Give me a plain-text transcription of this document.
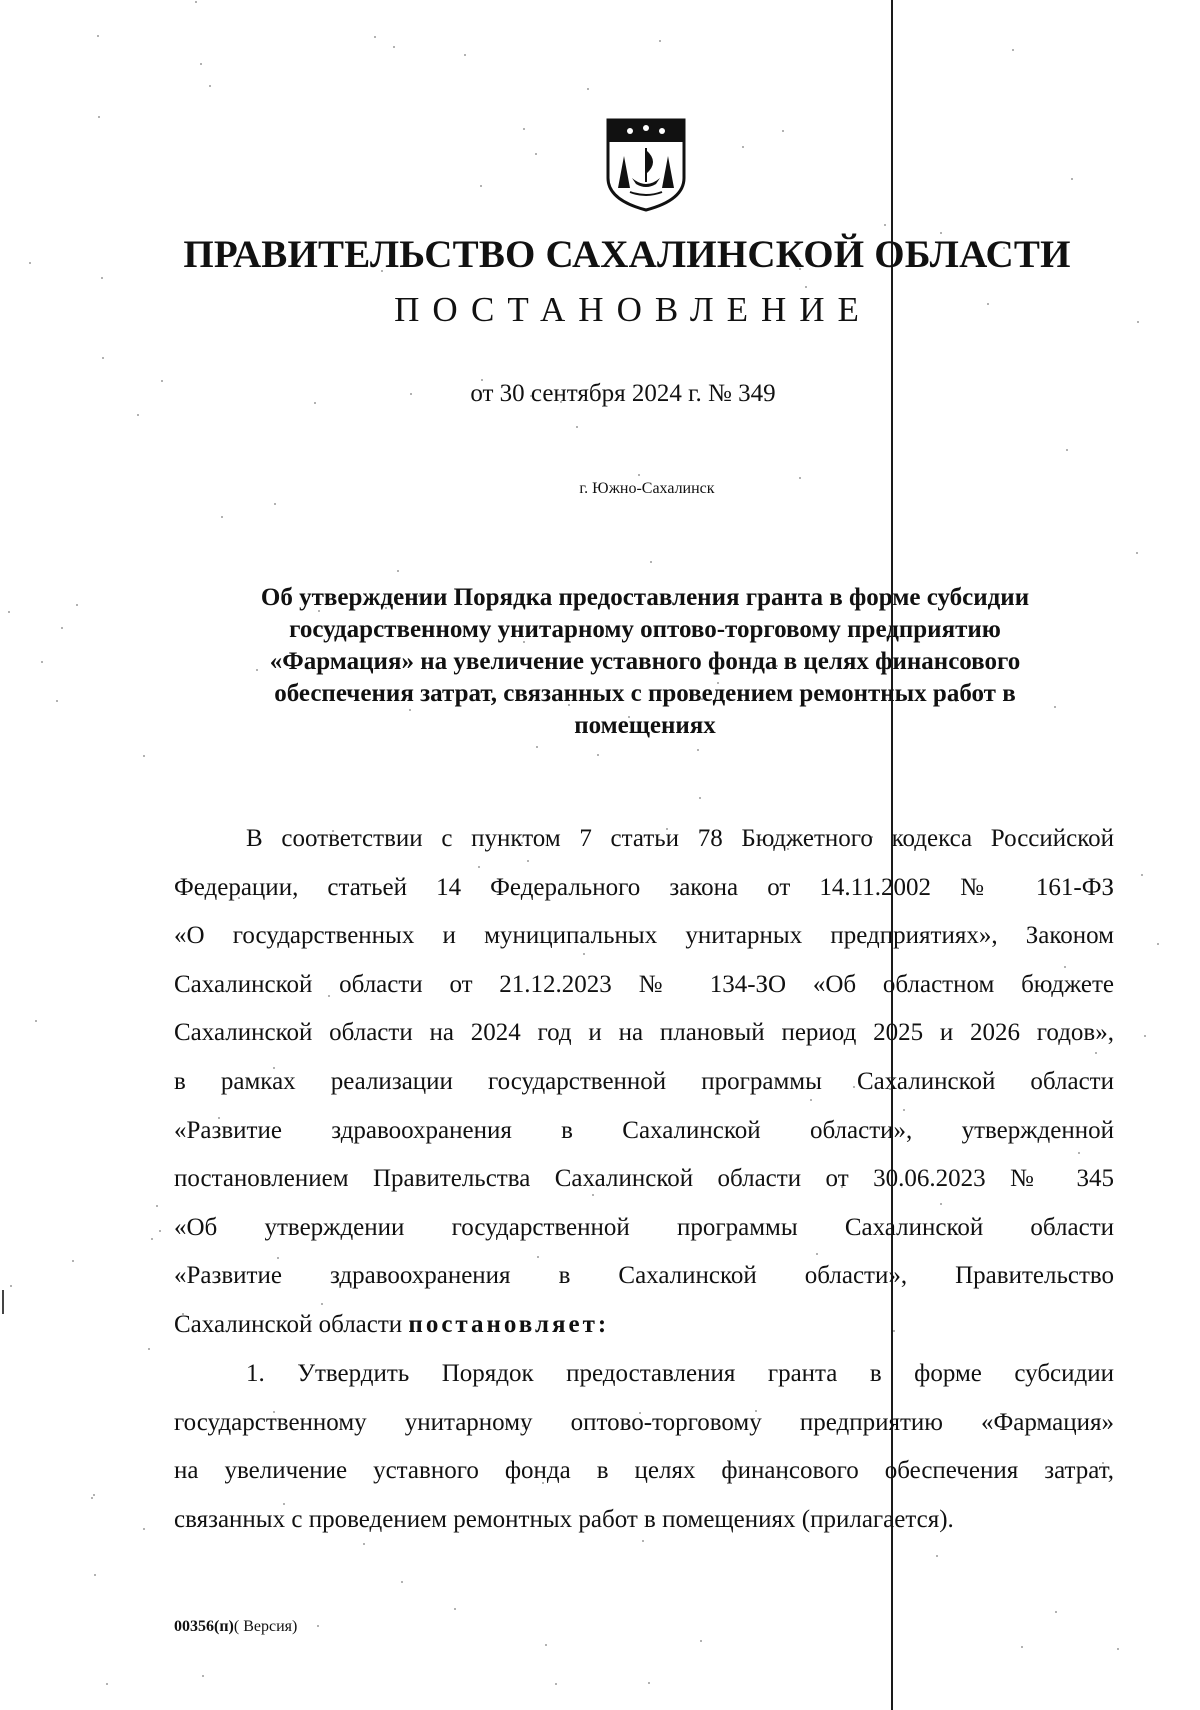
ПРАВИТЕЛЬСТВО САХАЛИНСКОЙ ОБЛАСТИ
ПОСТАНОВЛЕНИЕ
от 30 сентября 2024 г. № 349
г. Южно-Сахалинск
Об утверждении Порядка предоставления гранта в форме субсидии
государственному унитарному оптово-торговому предприятию
«Фармация» на увеличение уставного фонда в целях финансового
обеспечения затрат, связанных с проведением ремонтных работ в
помещениях
В соответствии с пунктом 7 статьи 78 Бюджетного кодекса Российской
Федерации, статьей 14 Федерального закона от 14.11.2002 № 161-ФЗ
«О государственных и муниципальных унитарных предприятиях», Законом
Сахалинской области от 21.12.2023 № 134-ЗО «Об областном бюджете
Сахалинской области на 2024 год и на плановый период 2025 и 2026 годов»,
в рамках реализации государственной программы Сахалинской области
«Развитие здравоохранения в Сахалинской области», утвержденной
постановлением Правительства Сахалинской области от 30.06.2023 № 345
«Об утверждении государственной программы Сахалинской области
«Развитие здравоохранения в Сахалинской области», Правительство
Сахалинской области постановляет:
1. Утвердить Порядок предоставления гранта в форме субсидии
государственному унитарному оптово-торговому предприятию «Фармация»
на увеличение уставного фонда в целях финансового обеспечения затрат,
связанных с проведением ремонтных работ в помещениях (прилагается).
00356(п)( Версия)
